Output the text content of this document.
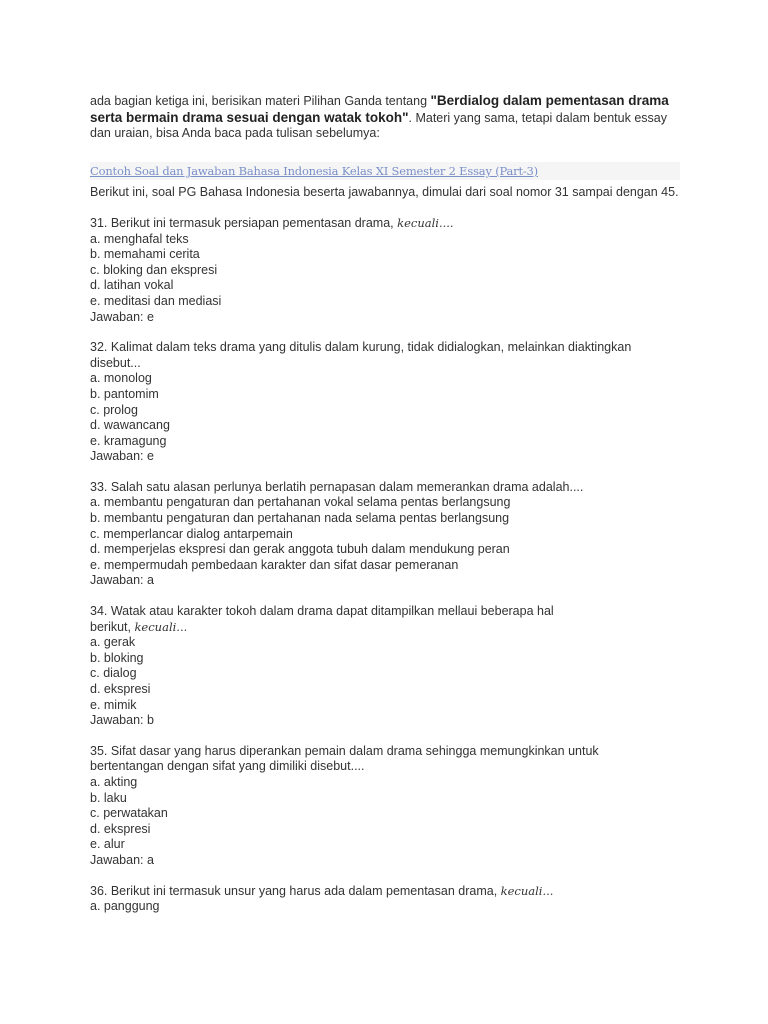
ada bagian ketiga ini, berisikan materi Pilihan Ganda tentang "Berdialog dalam pementasan drama serta bermain drama sesuai dengan watak tokoh". Materi yang sama, tetapi dalam bentuk essay dan uraian, bisa Anda baca pada tulisan sebelumya:

Contoh Soal dan Jawaban Bahasa Indonesia Kelas XI Semester 2 Essay (Part-3)
Berikut ini, soal PG Bahasa Indonesia beserta jawabannya, dimulai dari soal nomor 31 sampai dengan 45.
31. Berikut ini termasuk persiapan pementasan drama, kecuali....
a. menghafal teks
b. memahami cerita
c. bloking dan ekspresi
d. latihan vokal
e. meditasi dan mediasi
Jawaban: e
32. Kalimat dalam teks drama yang ditulis dalam kurung, tidak didialogkan, melainkan diaktingkan
disebut...
a. monolog
b. pantomim
c. prolog
d. wawancang
e. kramagung
Jawaban: e
33. Salah satu alasan perlunya berlatih pernapasan dalam memerankan drama adalah....
a. membantu pengaturan dan pertahanan vokal selama pentas berlangsung
b. membantu pengaturan dan pertahanan nada selama pentas berlangsung
c. memperlancar dialog antarpemain
d. memperjelas ekspresi dan gerak anggota tubuh dalam mendukung peran
e. mempermudah pembedaan karakter dan sifat dasar pemeranan
Jawaban: a
34. Watak atau karakter tokoh dalam drama dapat ditampilkan mellaui beberapa hal
berikut, kecuali...
a. gerak
b. bloking
c. dialog
d. ekspresi
e. mimik
Jawaban: b
35. Sifat dasar yang harus diperankan pemain dalam drama sehingga memungkinkan untuk
bertentangan dengan sifat yang dimiliki disebut....
a. akting
b. laku
c. perwatakan
d. ekspresi
e. alur
Jawaban: a
36. Berikut ini termasuk unsur yang harus ada dalam pementasan drama, kecuali...
a. panggung
